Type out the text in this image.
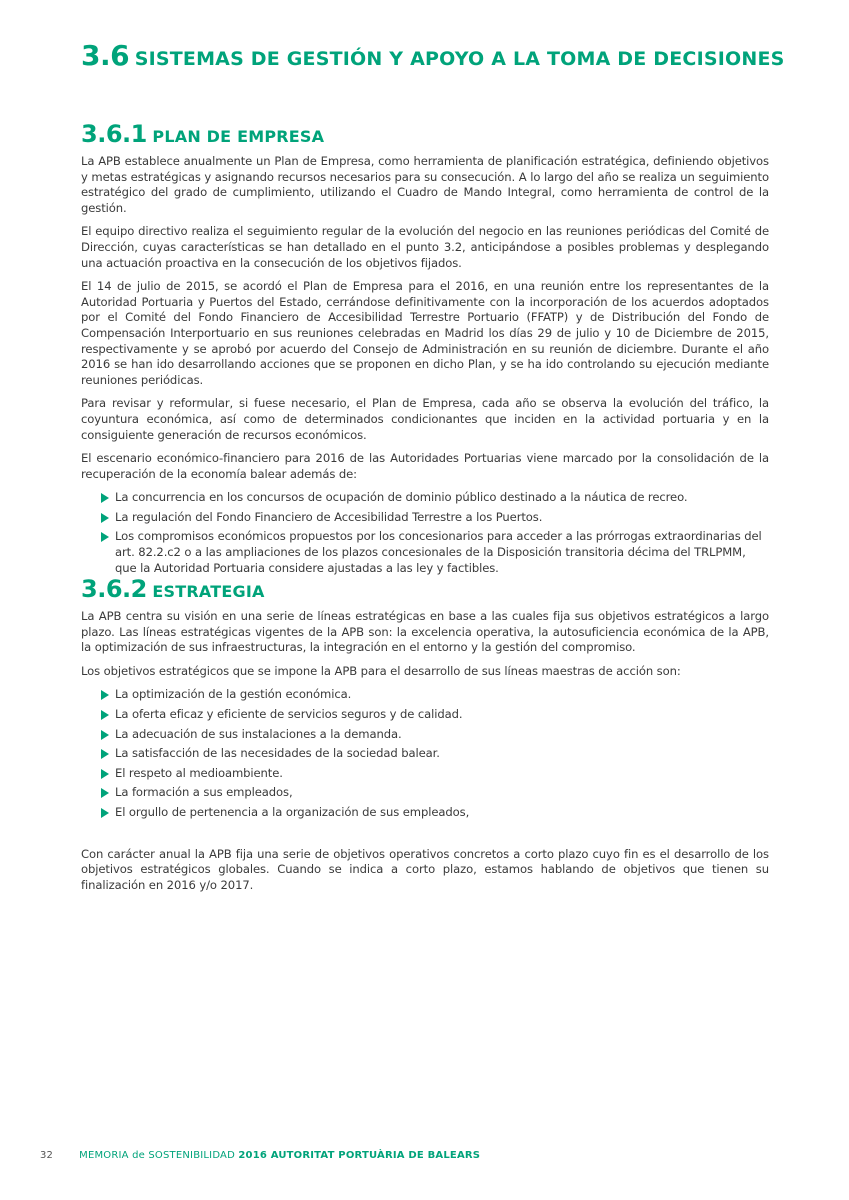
3.6 SISTEMAS DE GESTIÓN Y APOYO A LA TOMA DE DECISIONES
3.6.1 PLAN DE EMPRESA

La APB establece anualmente un Plan de Empresa, como herramienta de planificación estratégica, definiendo objetivos y metas estratégicas y asignando recursos necesarios para su consecución. A lo largo del año se realiza un seguimiento estratégico del grado de cumplimiento, utilizando el Cuadro de Mando Integral, como herramienta de control de la gestión.

El equipo directivo realiza el seguimiento regular de la evolución del negocio en las reuniones periódicas del Comité de Dirección, cuyas características se han detallado en el punto 3.2, anticipándose a posibles problemas y desplegando una actuación proactiva en la consecución de los objetivos fijados.

El 14 de julio de 2015, se acordó el Plan de Empresa para el 2016, en una reunión entre los representantes de la Autoridad Portuaria y Puertos del Estado, cerrándose definitivamente con la incorporación de los acuerdos adoptados por el Comité del Fondo Financiero de Accesibilidad Terrestre Portuario (FFATP) y de Distribución del Fondo de Compensación Interportuario en sus reuniones celebradas en Madrid los días 29 de julio y 10 de Diciembre de 2015, respectivamente y se aprobó por acuerdo del Consejo de Administración en su reunión de diciembre. Durante el año 2016 se han ido desarrollando acciones que se proponen en dicho Plan, y se ha ido controlando su ejecución mediante reuniones periódicas.

Para revisar y reformular, si fuese necesario, el Plan de Empresa, cada año se observa la evolución del tráfico, la coyuntura económica, así como de determinados condicionantes que inciden en la actividad portuaria y en la consiguiente generación de recursos económicos.

El escenario económico-financiero para 2016 de las Autoridades Portuarias viene marcado por la consolidación de la recuperación de la economía balear además de:

La concurrencia en los concursos de ocupación de dominio público destinado a la náutica de recreo.
La regulación del Fondo Financiero de Accesibilidad Terrestre a los Puertos.
Los compromisos económicos propuestos por los concesionarios para acceder a las prórrogas extraordinarias del art. 82.2.c2 o a las ampliaciones de los plazos concesionales de la Disposición transitoria décima del TRLPMM, que la Autoridad Portuaria considere ajustadas a las ley y factibles.
3.6.2 ESTRATEGIA

La APB centra su visión en una serie de líneas estratégicas en base a las cuales fija sus objetivos estratégicos a largo plazo. Las líneas estratégicas vigentes de la APB son: la excelencia operativa, la autosuficiencia económica de la APB, la optimización de sus infraestructuras, la integración en el entorno y la gestión del compromiso.

Los objetivos estratégicos que se impone la APB para el desarrollo de sus líneas maestras de acción son:

La optimización de la gestión económica.
La oferta eficaz y eficiente de servicios seguros y de calidad.
La adecuación de sus instalaciones a la demanda.
La satisfacción de las necesidades de la sociedad balear.
El respeto al medioambiente.
La formación a sus empleados,
El orgullo de pertenencia a la organización de sus empleados,

Con carácter anual la APB fija una serie de objetivos operativos concretos a corto plazo cuyo fin es el desarrollo de los objetivos estratégicos globales. Cuando se indica a corto plazo, estamos hablando de objetivos que tienen su finalización en 2016 y/o 2017.

32	MEMORIA de SOSTENIBILIDAD 2016 AUTORITAT PORTUÀRIA DE BALEARS
